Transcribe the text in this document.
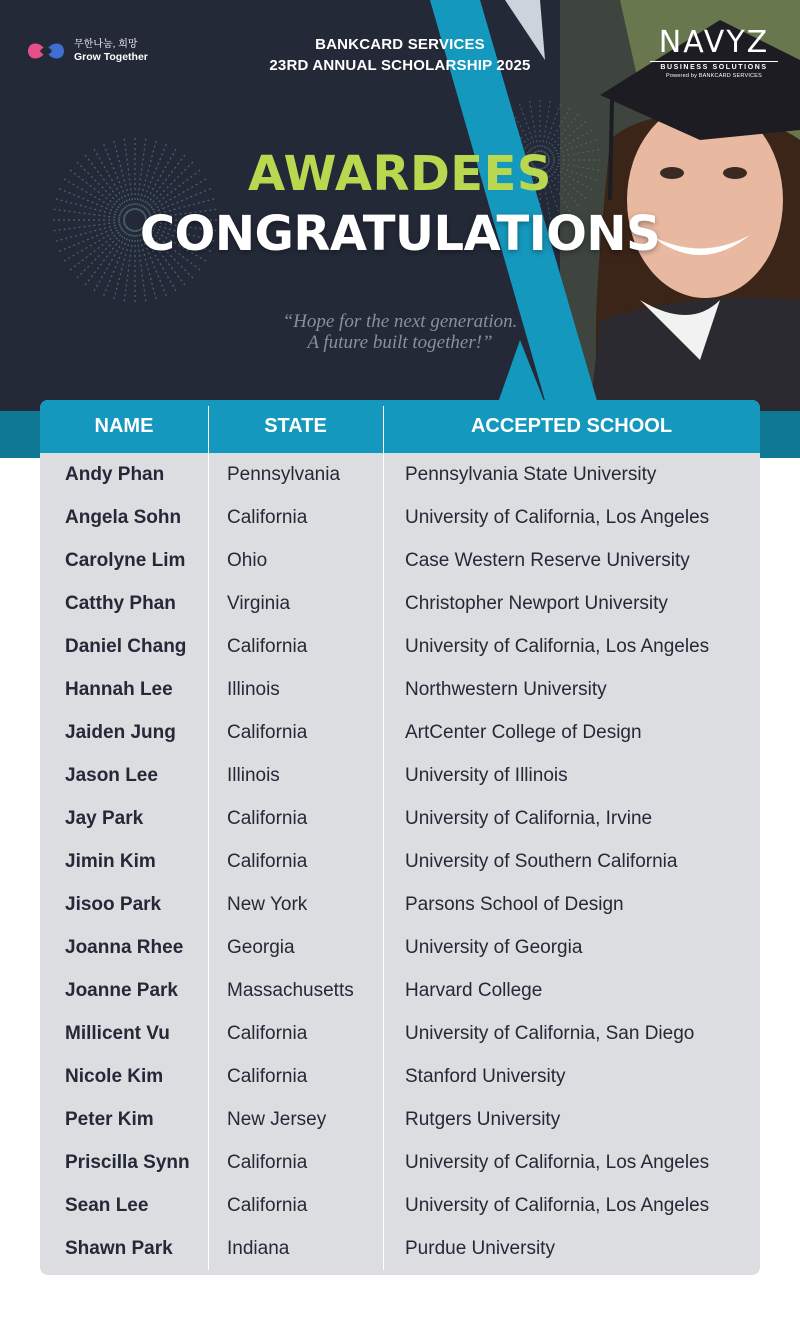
무한나눔, 희망
Grow Together
BANKCARD SERVICES
23RD ANNUAL SCHOLARSHIP 2025
NAVYZ
BUSINESS SOLUTIONS
Powered by BANKCARD SERVICES
AWARDEES
CONGRATULATIONS
“Hope for the next generation.
A future built together!”
NAME	STATE	ACCEPTED SCHOOL
Andy Phan	Pennsylvania	Pennsylvania State University
Angela Sohn	California	University of California, Los Angeles
Carolyne Lim	Ohio	Case Western Reserve University
Catthy Phan	Virginia	Christopher Newport University
Daniel Chang	California	University of California, Los Angeles
Hannah Lee	Illinois	Northwestern University
Jaiden Jung	California	ArtCenter College of Design
Jason Lee	Illinois	University of Illinois
Jay Park	California	University of California, Irvine
Jimin Kim	California	University of Southern California
Jisoo Park	New York	Parsons School of Design
Joanna Rhee	Georgia	University of Georgia
Joanne Park	Massachusetts	Harvard College
Millicent Vu	California	University of California, San Diego
Nicole Kim	California	Stanford University
Peter Kim	New Jersey	Rutgers University
Priscilla Synn	California	University of California, Los Angeles
Sean Lee	California	University of California, Los Angeles
Shawn Park	Indiana	Purdue University
